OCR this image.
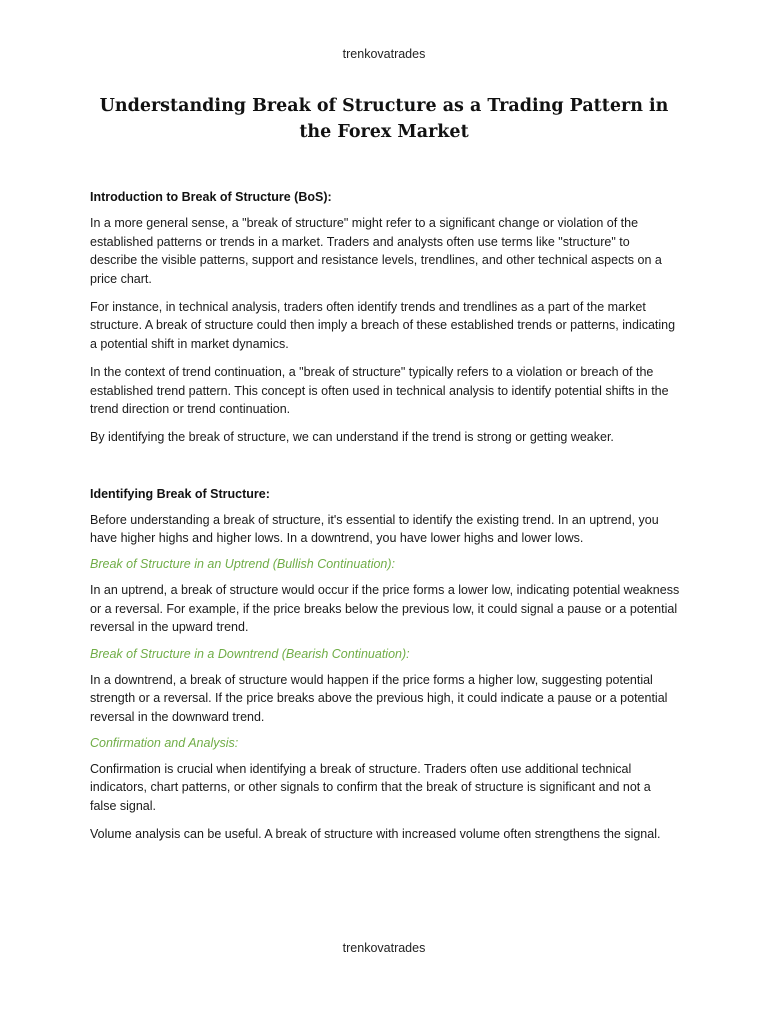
trenkovatrades
Understanding Break of Structure as a Trading Pattern in the Forex Market

Introduction to Break of Structure (BoS):

In a more general sense, a "break of structure" might refer to a significant change or violation of the established patterns or trends in a market. Traders and analysts often use terms like "structure" to describe the visible patterns, support and resistance levels, trendlines, and other technical aspects on a price chart.

For instance, in technical analysis, traders often identify trends and trendlines as a part of the market structure. A break of structure could then imply a breach of these established trends or patterns, indicating a potential shift in market dynamics.

In the context of trend continuation, a "break of structure" typically refers to a violation or breach of the established trend pattern. This concept is often used in technical analysis to identify potential shifts in the trend direction or trend continuation.

By identifying the break of structure, we can understand if the trend is strong or getting weaker.

Identifying Break of Structure:

Before understanding a break of structure, it's essential to identify the existing trend. In an uptrend, you have higher highs and higher lows. In a downtrend, you have lower highs and lower lows.

Break of Structure in an Uptrend (Bullish Continuation):

In an uptrend, a break of structure would occur if the price forms a lower low, indicating potential weakness or a reversal. For example, if the price breaks below the previous low, it could signal a pause or a potential reversal in the upward trend.

Break of Structure in a Downtrend (Bearish Continuation):

In a downtrend, a break of structure would happen if the price forms a higher low, suggesting potential strength or a reversal. If the price breaks above the previous high, it could indicate a pause or a potential reversal in the downward trend.

Confirmation and Analysis:

Confirmation is crucial when identifying a break of structure. Traders often use additional technical indicators, chart patterns, or other signals to confirm that the break of structure is significant and not a false signal.

Volume analysis can be useful. A break of structure with increased volume often strengthens the signal.

trenkovatrades
